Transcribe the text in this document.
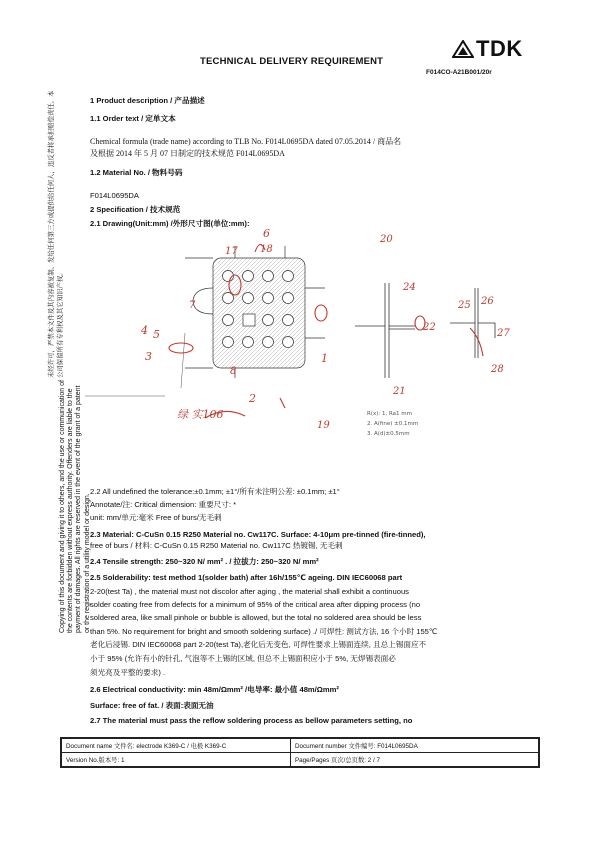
TECHNICAL DELIVERY REQUIREMENT
TDK
F014CO-A21B001/20r
未经许可，严禁本文件及其内容被复制、发给任何第三方或提供给任何人，违反者将承担赔偿责任。本公司保留所有专利权及其它知识产权。
Copying of this document and giving it to others, and the use or communication of the contents are forbidden without express authority. Offenders are liable to the payment of damages. All rights are reserved in the event of the grant of a patent or the registration of a utility model or design.
1 Product description / 产品描述
1.1 Order text / 定单文本
Chemical formula (trade name) according to TLB No. F014L0695DA dated 07.05.2014 / 商品名
及根据 2014 年 5 月 07 日制定的技术规范 F014L0695DA
1.2 Material No. / 物料号码
F014L0695DA
2 Specification / 技术规范
2.1 Drawing(Unit:mm) /外形尺寸图(单位:mm):
20
17 18
24
25 26
22
27
28
21
19
4 5
3
2
1
6
7
8
绿 实106	R(x): 1, Ra1 mm
2. A(fine) ±0.1mm
3. A(d)±0.5mm
2.2 All undefined the tolerance:±0.1mm; ±1°/所有未注明公差: ±0.1mm; ±1°
Annotate/注: Critical dimension: 重要尺寸: *
unit: mm/单元:毫米 Free of burs/无毛刺
2.3 Material: C-CuSn 0.15 R250 Material no. Cw117C. Surface: 4-10μm pre-tinned (fire-tinned),
free of burs / 材料: C-CuSn 0.15 R250 Material no. Cw117C 热镀锡, 无毛刺
2.4 Tensile strength: 250~320 N/ mm² . / 拉拔力: 250~320 N/ mm²
2.5 Solderability: test method 1(solder bath) after 16h/155℃ ageing. DIN IEC60068 part
2-20(test Ta) , the material must not discolor after aging , the material shall exhibit a continuous
solder coating free from defects for a minimum of 95% of the critical area after dipping process (no
soldered area, like small pinhole or bubble is allowed, but the total no soldered area should be less
than 5%. No requirement for bright and smooth soldering surface) ./ 可焊性: 测试方法, 16 个小时 155℃
老化后浸锡. DIN IEC60068 part 2-20(test Ta),老化后无变色, 可焊性要求上锡面连续, 且总上锡面应不
小于 95% (允许有小的针孔, 气泡等不上锡的区域, 但总不上锡面积应小于 5%, 无焊锡表面必
须光亮及平整的要求) .
2.6 Electrical conductivity: min 48m/Ωmm² /电导率: 最小值 48m/Ωmm²
Surface: free of fat. / 表面:表面无油
2.7 The material must pass the reflow soldering process as bellow parameters setting, no
Document name 文件名: electrode K369-C / 电极 K369-C	Document number 文件编号: F014L0695DA
Version No.版本号: 1	Page/Pages 页次/总页数: 2 / 7
